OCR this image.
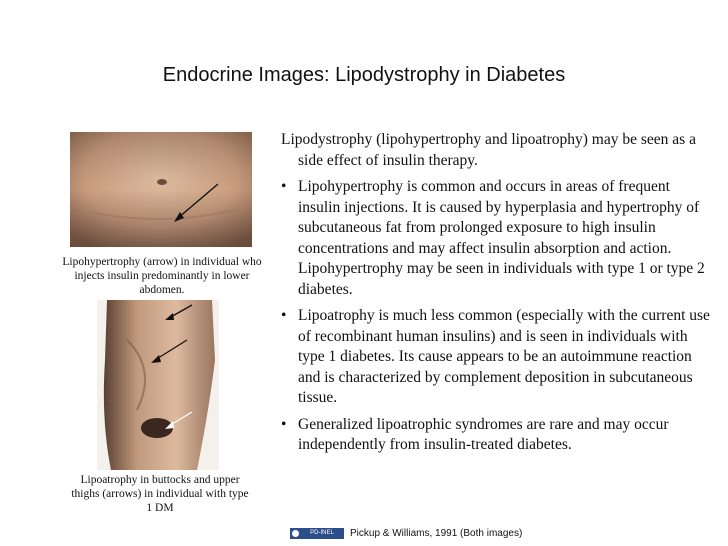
Endocrine Images: Lipodystrophy in Diabetes
Lipohypertrophy (arrow) in individual who injects insulin predominantly in lower abdomen.
Lipoatrophy in buttocks and upper thighs (arrows) in individual with type 1 DM

Lipodystrophy (lipohypertrophy and lipoatrophy) may be seen as a side effect of insulin therapy.

• Lipohypertrophy is common and occurs in areas of frequent insulin injections. It is caused by hyperplasia and hypertrophy of subcutaneous fat from prolonged exposure to high insulin concentrations and may affect insulin absorption and action. Lipohypertrophy may be seen in individuals with type 1 or type 2 diabetes.

• Lipoatrophy is much less common (especially with the current use of recombinant human insulins) and is seen in individuals with type 1 diabetes. Its cause appears to be an autoimmune reaction and is characterized by complement deposition in subcutaneous tissue.

• Generalized lipoatrophic syndromes are rare and may occur independently from insulin-treated diabetes.

PD-INEL	Pickup & Williams, 1991 (Both images)
